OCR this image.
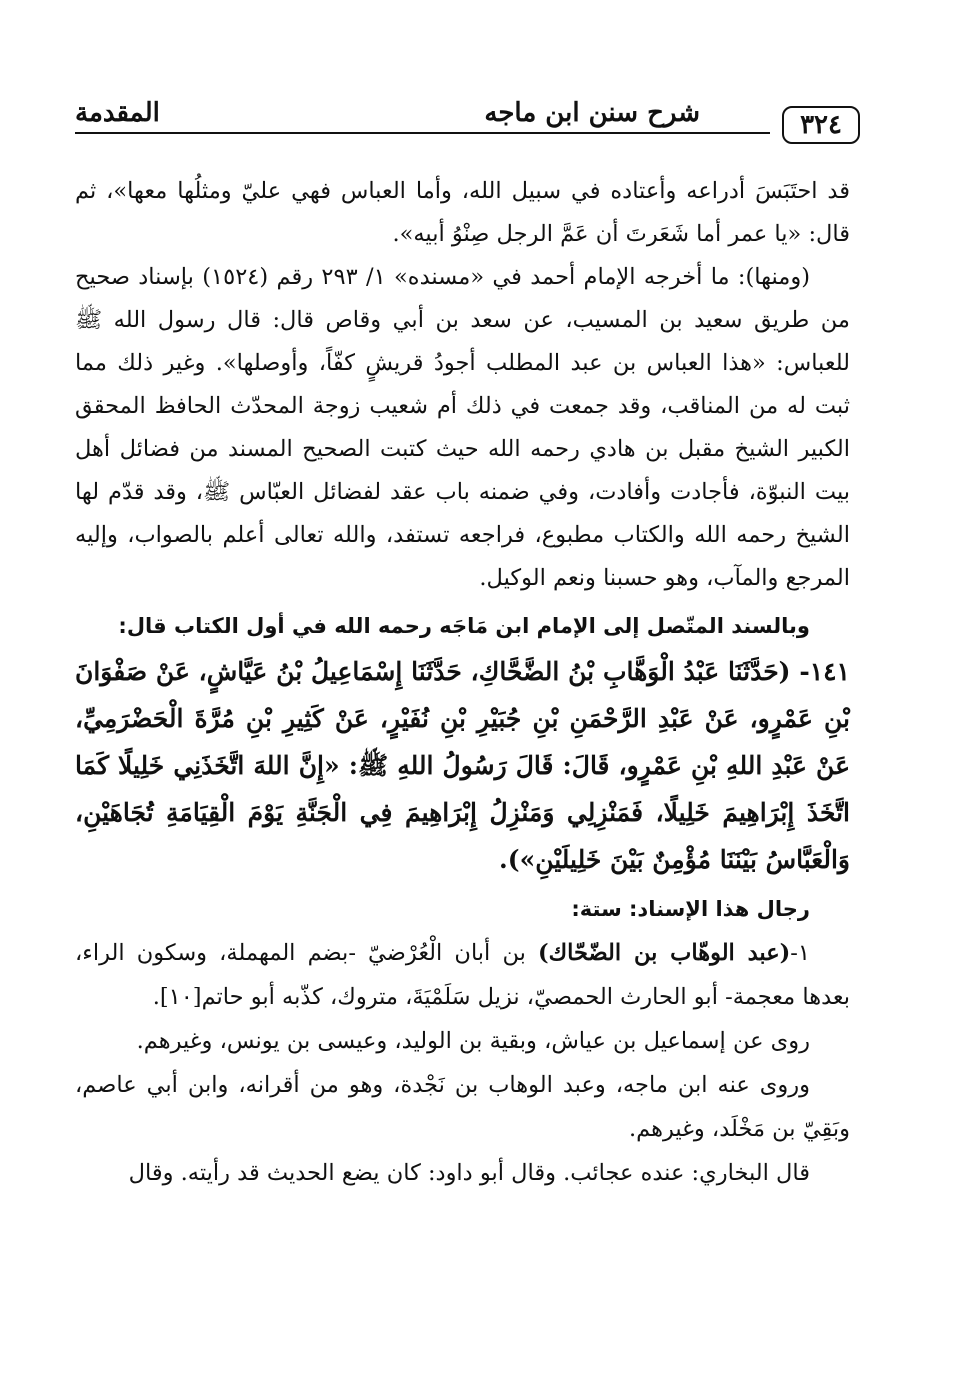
٣٢٤
شرح سنن ابن ماجه
المقدمة

قد احتَبَسَ أدراعه وأعتاده في سبيل الله، وأما العباس فهي عليّ ومثلُها معها»، ثم قال: «يا عمر أما شَعَرتَ أن عَمَّ الرجل صِنْوُ أبيه».

(ومنها): ما أخرجه الإمام أحمد في «مسنده» ١/ ٢٩٣ رقم (١٥٢٤) بإسناد صحيح من طريق سعيد بن المسيب، عن سعد بن أبي وقاص قال: قال رسول الله ﷺ للعباس: «هذا العباس بن عبد المطلب أجودُ قريشٍ كفّاً، وأوصلها». وغير ذلك مما ثبت له من المناقب، وقد جمعت في ذلك أم شعيب زوجة المحدّث الحافظ المحقق الكبير الشيخ مقبل بن هادي رحمه الله حيث كتبت الصحيح المسند من فضائل أهل بيت النبوّة، فأجادت وأفادت، وفي ضمنه باب عقد لفضائل العبّاس ﷺ، وقد قدّم لها الشيخ رحمه الله والكتاب مطبوع، فراجعه تستفد، والله تعالى أعلم بالصواب، وإليه المرجع والمآب، وهو حسبنا ونعم الوكيل.

وبالسند المتّصل إلى الإمام ابن مَاجَه رحمه الله في أول الكتاب قال:

١٤١- (حَدَّثَنَا عَبْدُ الْوَهَّابِ بْنُ الضَّحَّاكِ، حَدَّثَنَا إِسْمَاعِيلُ بْنُ عَيَّاشٍ، عَنْ صَفْوَانَ بْنِ عَمْرٍو، عَنْ عَبْدِ الرَّحْمَنِ بْنِ جُبَيْرِ بْنِ نُفَيْرٍ، عَنْ كَثِيرِ بْنِ مُرَّةَ الْحَضْرَمِيِّ، عَنْ عَبْدِ اللهِ بْنِ عَمْرٍو، قَالَ: قَالَ رَسُولُ اللهِ ﷺ: «إِنَّ اللهَ اتَّخَذَنِي خَلِيلًا كَمَا اتَّخَذَ إِبْرَاهِيمَ خَلِيلًا، فَمَنْزِلِي وَمَنْزِلُ إِبْرَاهِيمَ فِي الْجَنَّةِ يَوْمَ الْقِيَامَةِ تُجَاهَيْنِ، وَالْعَبَّاسُ بَيْنَنَا مُؤْمِنٌ بَيْنَ خَلِيلَيْنِ»).

رجال هذا الإسناد: ستة:

١-(عبد الوهّاب بن الضّحّاك) بن أبان الْعُرْضيّ -بضم المهملة، وسكون الراء، بعدها معجمة- أبو الحارث الحمصيّ، نزيل سَلَمْيَةَ، متروك، كذّبه أبو حاتم[١٠].

روى عن إسماعيل بن عياش، وبقية بن الوليد، وعيسى بن يونس، وغيرهم.

وروى عنه ابن ماجه، وعبد الوهاب بن نَجْدة، وهو من أقرانه، وابن أبي عاصم، وبَقِيّ بن مَخْلَد، وغيرهم.

قال البخاري: عنده عجائب. وقال أبو داود: كان يضع الحديث قد رأيته. وقال
